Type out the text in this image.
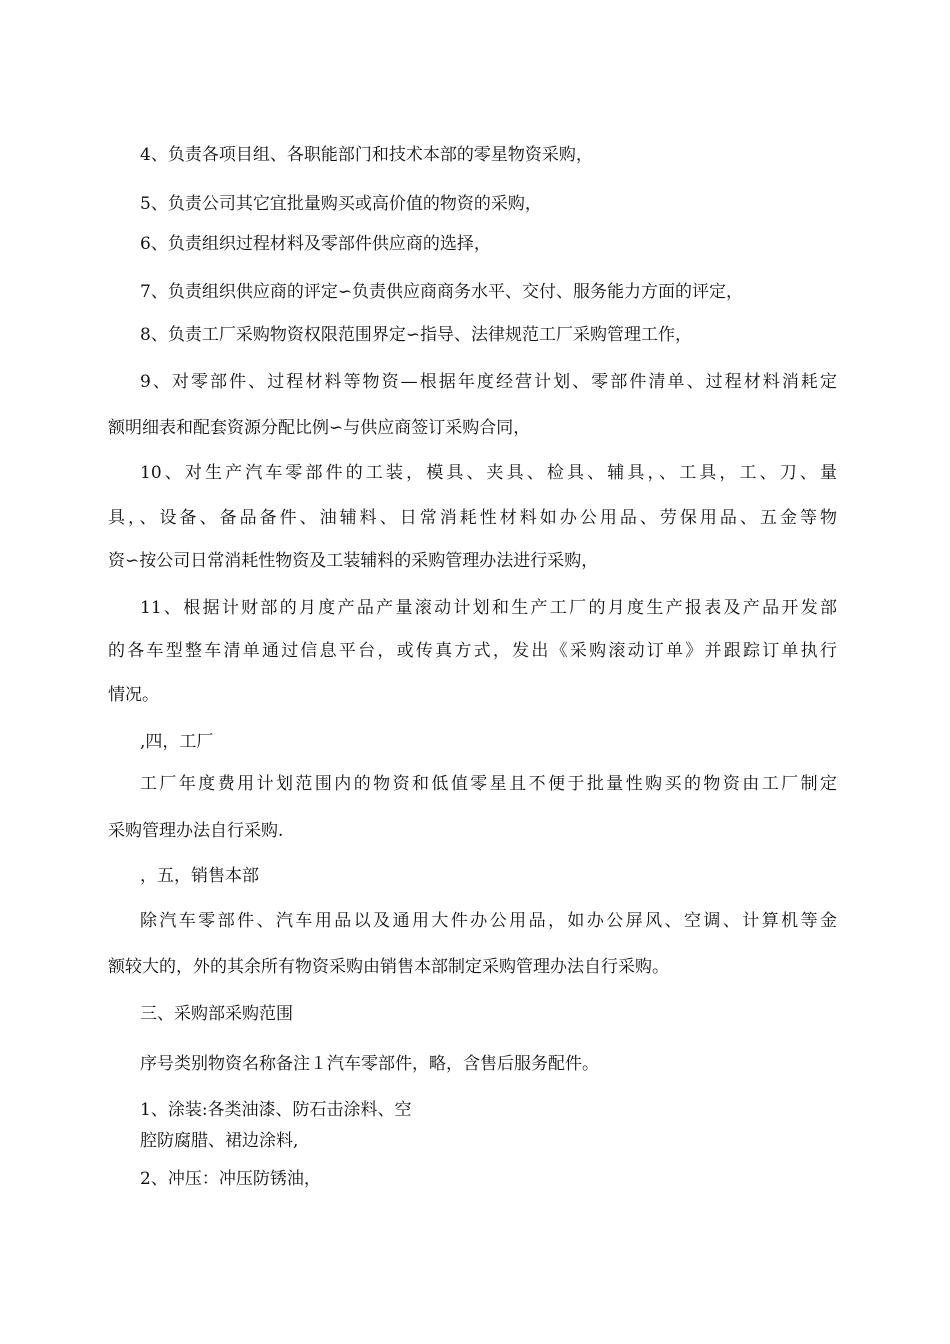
4、负责各项目组、各职能部门和技术本部的零星物资采购，
5、负责公司其它宜批量购买或高价值的物资的采购，
6、负责组织过程材料及零部件供应商的选择，
7、负责组织供应商的评定∽负责供应商商务水平、交付、服务能力方面的评定，
8、负责工厂采购物资权限范围界定∽指导、法律规范工厂采购管理工作，
9、对零部件、过程材料等物资—根据年度经营计划、零部件清单、过程材料消耗定
额明细表和配套资源分配比例∽与供应商签订采购合同，
10、对生产汽车零部件的工装，模具、夹具、检具、辅具，、工具，工、刀、量
具，、设备、备品备件、油辅料、日常消耗性材料如办公用品、劳保用品、五金等物
资∽按公司日常消耗性物资及工装辅料的采购管理办法进行采购，
11、根据计财部的月度产品产量滚动计划和生产工厂的月度生产报表及产品开发部
的各车型整车清单通过信息平台，或传真方式，发出《采购滚动订单》并跟踪订单执行
情况。
,四，工厂
工厂年度费用计划范围内的物资和低值零星且不便于批量性购买的物资由工厂制定
采购管理办法自行采购.
，五，销售本部
除汽车零部件、汽车用品以及通用大件办公用品，如办公屏风、空调、计算机等金
额较大的，外的其余所有物资采购由销售本部制定采购管理办法自行采购。
三、采购部采购范围
序号类别物资名称备注１汽车零部件，略，含售后服务配件。
1、涂装:各类油漆、防石击涂料、空
腔防腐腊、裙边涂料,
2、冲压：冲压防锈油，
